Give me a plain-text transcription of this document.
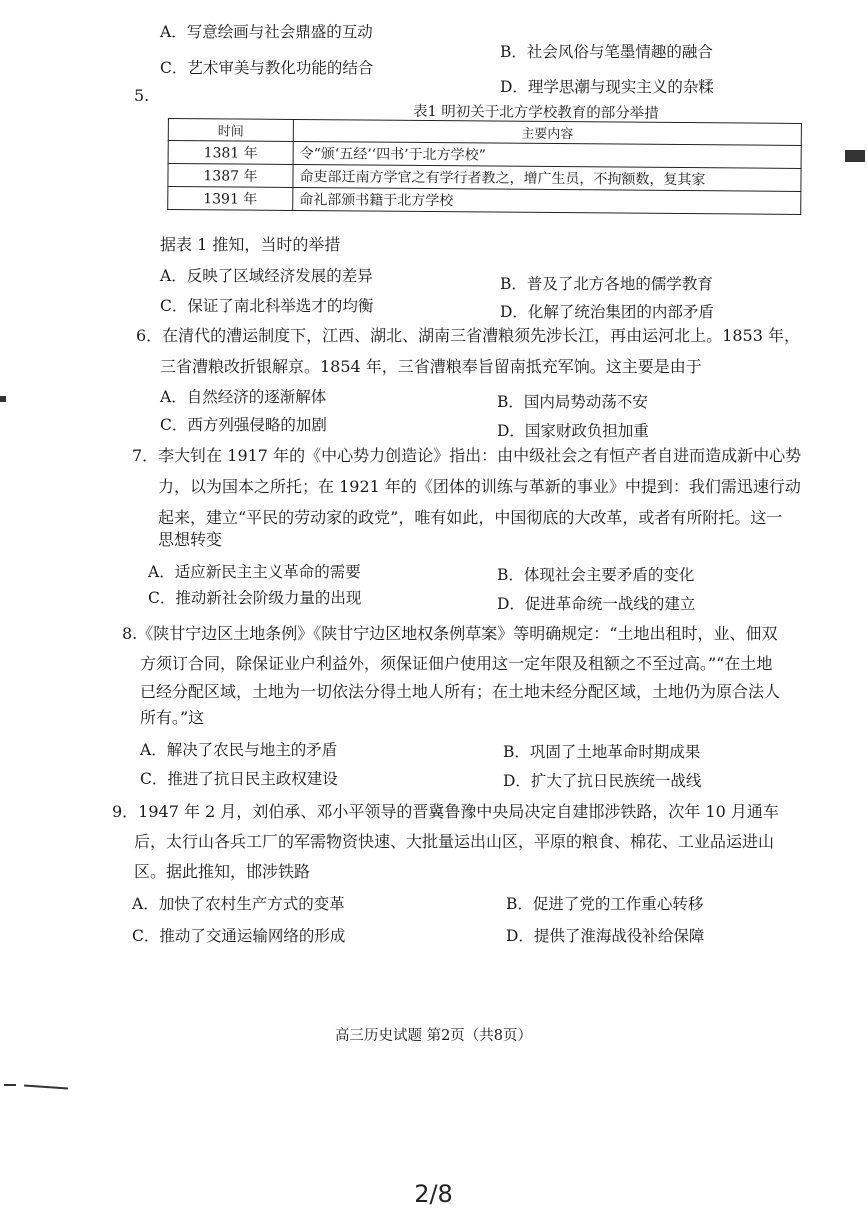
A．写意绘画与社会鼎盛的互动
B．社会风俗与笔墨情趣的融合
C．艺术审美与教化功能的结合
D．理学思潮与现实主义的杂糅
5.
表1 明初关于北方学校教育的部分举措
时间	主要内容
1381 年	令“颁‘五经’‘四书’于北方学校”
1387 年	命吏部迁南方学官之有学行者教之，增广生员，不拘额数，复其家
1391 年	命礼部颁书籍于北方学校
据表 1 推知，当时的举措
A．反映了区域经济发展的差异	B．普及了北方各地的儒学教育
C．保证了南北科举选才的均衡	D．化解了统治集团的内部矛盾
6．在清代的漕运制度下，江西、湖北、湖南三省漕粮须先涉长江，再由运河北上。1853 年，
三省漕粮改折银解京。1854 年，三省漕粮奉旨留南抵充军饷。这主要是由于
A．自然经济的逐渐解体	B．国内局势动荡不安
C．西方列强侵略的加剧	D．国家财政负担加重
7．李大钊在 1917 年的《中心势力创造论》指出：由中级社会之有恒产者自进而造成新中心势
力，以为国本之所托；在 1921 年的《团体的训练与革新的事业》中提到：我们需迅速行动
起来，建立“平民的劳动家的政党”，唯有如此，中国彻底的大改革，或者有所附托。这一
思想转变
A．适应新民主主义革命的需要	B．体现社会主要矛盾的变化
C．推动新社会阶级力量的出现	D．促进革命统一战线的建立
8.《陕甘宁边区土地条例》《陕甘宁边区地权条例草案》等明确规定：“土地出租时，业、佃双
方须订合同，除保证业户利益外，须保证佃户使用这一定年限及租额之不至过高。”“在土地
已经分配区域，土地为一切依法分得土地人所有；在土地未经分配区域，土地仍为原合法人
所有。”这
A．解决了农民与地主的矛盾	B．巩固了土地革命时期成果
C．推进了抗日民主政权建设	D．扩大了抗日民族统一战线
9．1947 年 2 月，刘伯承、邓小平领导的晋冀鲁豫中央局决定自建邯涉铁路，次年 10 月通车
后，太行山各兵工厂的军需物资快速、大批量运出山区，平原的粮食、棉花、工业品运进山
区。据此推知，邯涉铁路
A．加快了农村生产方式的变革	B．促进了党的工作重心转移
C．推动了交通运输网络的形成	D．提供了淮海战役补给保障
高三历史试题 第2页（共8页）
2/8
